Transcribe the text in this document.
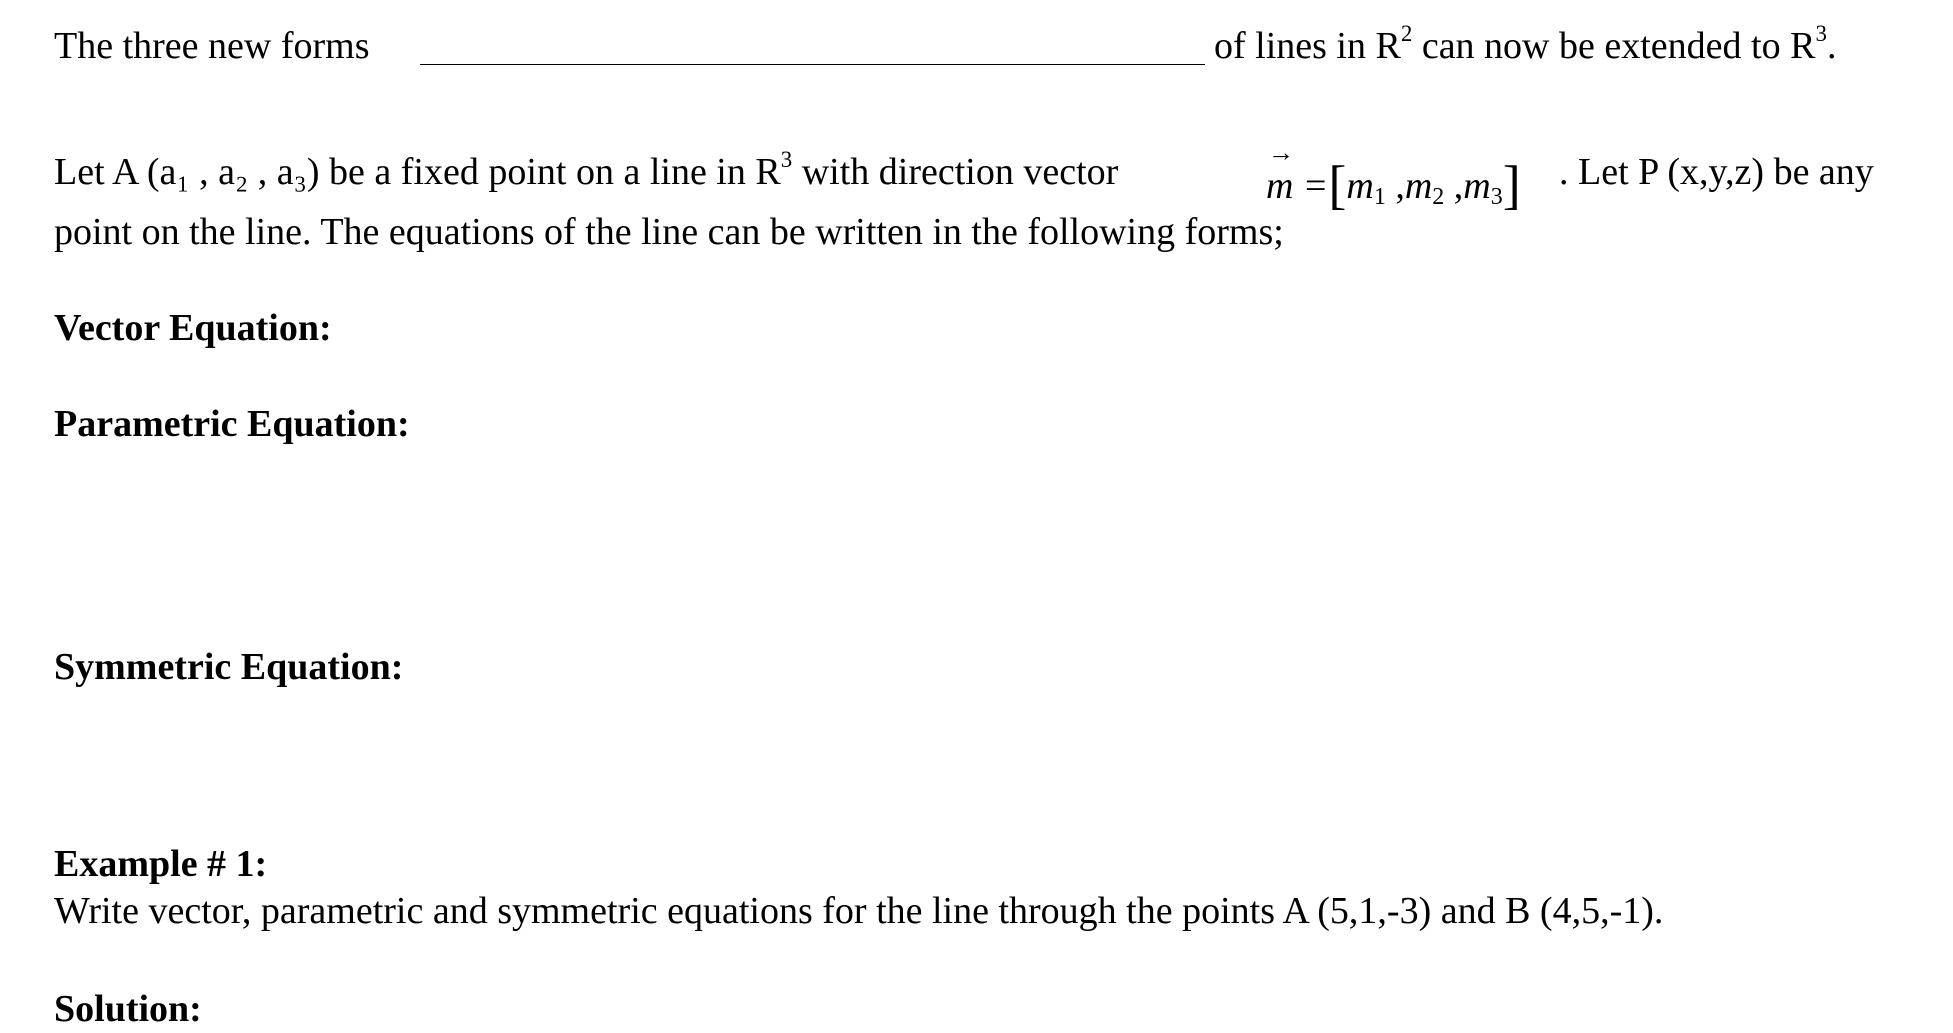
The three new forms	of lines in $R^2$ can now be extended to $R^3$.
Let A (a₁ , a₂ , a₃) be a fixed point on a line in $R^3$ with direction vector	→
$m =[m_1$ $,m_2$ $,m_3$] . Let P (x,y,z) be any
point on the line. The equations of the line can be written in the following forms;
Vector Equation:
Parametric Equation:
Symmetric Equation:
Example # 1:
Write vector, parametric and symmetric equations for the line through the points A (5,1,-3) and B (4,5,-1).
Solution:
